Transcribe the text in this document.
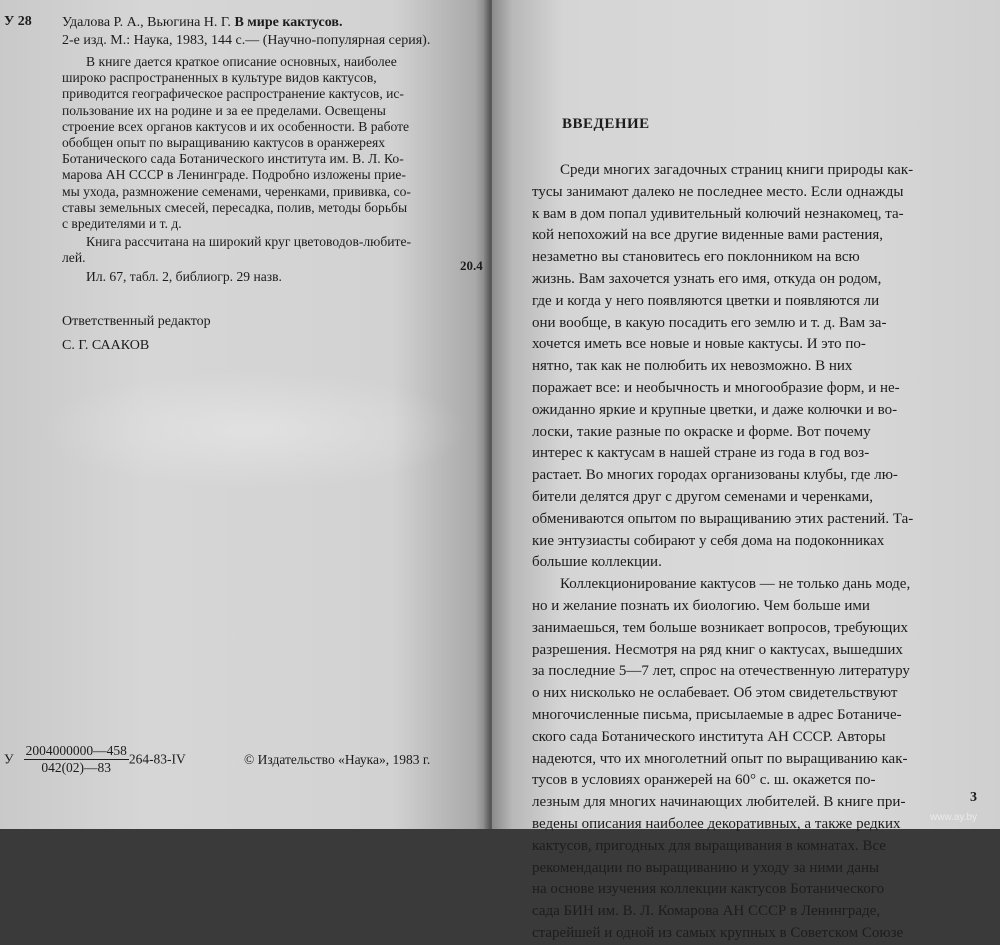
У 28 Удалова Р. А., Вьюгина Н. Г. В мире кактусов.
2-е изд. М.: Наука, 1983, 144 с.— (Научно-популярная серия).

В книге дается краткое описание основных, наиболее

широко распространенных в культуре видов кактусов,

приводится географическое распространение кактусов, ис-

пользование их на родине и за ее пределами. Освещены

строение всех органов кактусов и их особенности. В работе

обобщен опыт по выращиванию кактусов в оранжереях

Ботанического сада Ботанического института им. В. Л. Ко-

марова АН СССР в Ленинграде. Подробно изложены прие-

мы ухода, размножение семенами, черенками, прививка, со-

ставы земельных смесей, пересадка, полив, методы борьбы

с вредителями и т. д.

Книга рассчитана на широкий круг цветоводов-любите-

лей.

Ил. 67, табл. 2, библиогр. 29 назв.

20.4
Ответственный редактор
С. Г. СААКОВ
У $\frac{2004000000—458}{042(02)—83} 264-83-IV$	© Издательство «Наука», 1983 г.
ВВЕДЕНИЕ

Среди многих загадочных страниц книги природы как-

тусы занимают далеко не последнее место. Если однажды

к вам в дом попал удивительный колючий незнакомец, та-

кой непохожий на все другие виденные вами растения,

незаметно вы становитесь его поклонником на всю

жизнь. Вам захочется узнать его имя, откуда он родом,

где и когда у него появляются цветки и появляются ли

они вообще, в какую посадить его землю и т. д. Вам за-

хочется иметь все новые и новые кактусы. И это по-

нятно, так как не полюбить их невозможно. В них

поражает все: и необычность и многообразие форм, и не-

ожиданно яркие и крупные цветки, и даже колючки и во-

лоски, такие разные по окраске и форме. Вот почему

интерес к кактусам в нашей стране из года в год воз-

растает. Во многих городах организованы клубы, где лю-

бители делятся друг с другом семенами и черенками,

обмениваются опытом по выращиванию этих растений. Та-

кие энтузиасты собирают у себя дома на подоконниках

большие коллекции.

Коллекционирование кактусов — не только дань моде,

но и желание познать их биологию. Чем больше ими

занимаешься, тем больше возникает вопросов, требующих

разрешения. Несмотря на ряд книг о кактусах, вышедших

за последние 5—7 лет, спрос на отечественную литературу

о них нисколько не ослабевает. Об этом свидетельствуют

многочисленные письма, присылаемые в адрес Ботаниче-

ского сада Ботанического института АН СССР. Авторы

надеются, что их многолетний опыт по выращиванию как-

тусов в условиях оранжерей на 60° с. ш. окажется по-

лезным для многих начинающих любителей. В книге при-

ведены описания наиболее декоративных, а также редких

кактусов, пригодных для выращивания в комнатах. Все

рекомендации по выращиванию и уходу за ними даны

на основе изучения коллекции кактусов Ботанического

сада БИН им. В. Л. Комарова АН СССР в Ленинграде,

старейшей и одной из самых крупных в Советском Союзе

3
www.ay.by
